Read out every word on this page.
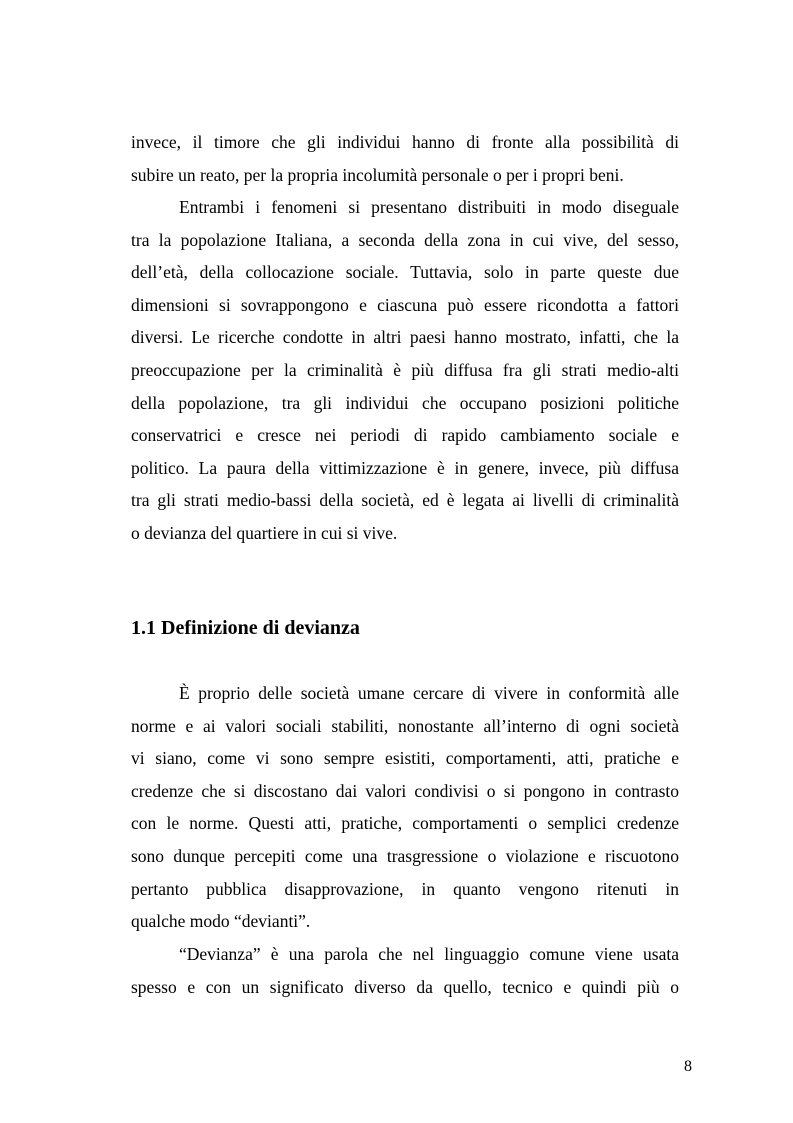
invece, il timore che gli individui hanno di fronte alla possibilità di
subire un reato, per la propria incolumità personale o per i propri beni.
Entrambi i fenomeni si presentano distribuiti in modo diseguale
tra la popolazione Italiana, a seconda della zona in cui vive, del sesso,
dell’età, della collocazione sociale. Tuttavia, solo in parte queste due
dimensioni si sovrappongono e ciascuna può essere ricondotta a fattori
diversi. Le ricerche condotte in altri paesi hanno mostrato, infatti, che la
preoccupazione per la criminalità è più diffusa fra gli strati medio-alti
della popolazione, tra gli individui che occupano posizioni politiche
conservatrici e cresce nei periodi di rapido cambiamento sociale e
politico. La paura della vittimizzazione è in genere, invece, più diffusa
tra gli strati medio-bassi della società, ed è legata ai livelli di criminalità
o devianza del quartiere in cui si vive.
1.1 Definizione di devianza
È proprio delle società umane cercare di vivere in conformità alle
norme e ai valori sociali stabiliti, nonostante all’interno di ogni società
vi siano, come vi sono sempre esistiti, comportamenti, atti, pratiche e
credenze che si discostano dai valori condivisi o si pongono in contrasto
con le norme. Questi atti, pratiche, comportamenti o semplici credenze
sono dunque percepiti come una trasgressione o violazione e riscuotono
pertanto pubblica disapprovazione, in quanto vengono ritenuti in
qualche modo “devianti”.
“Devianza” è una parola che nel linguaggio comune viene usata
spesso e con un significato diverso da quello, tecnico e quindi più o
8
